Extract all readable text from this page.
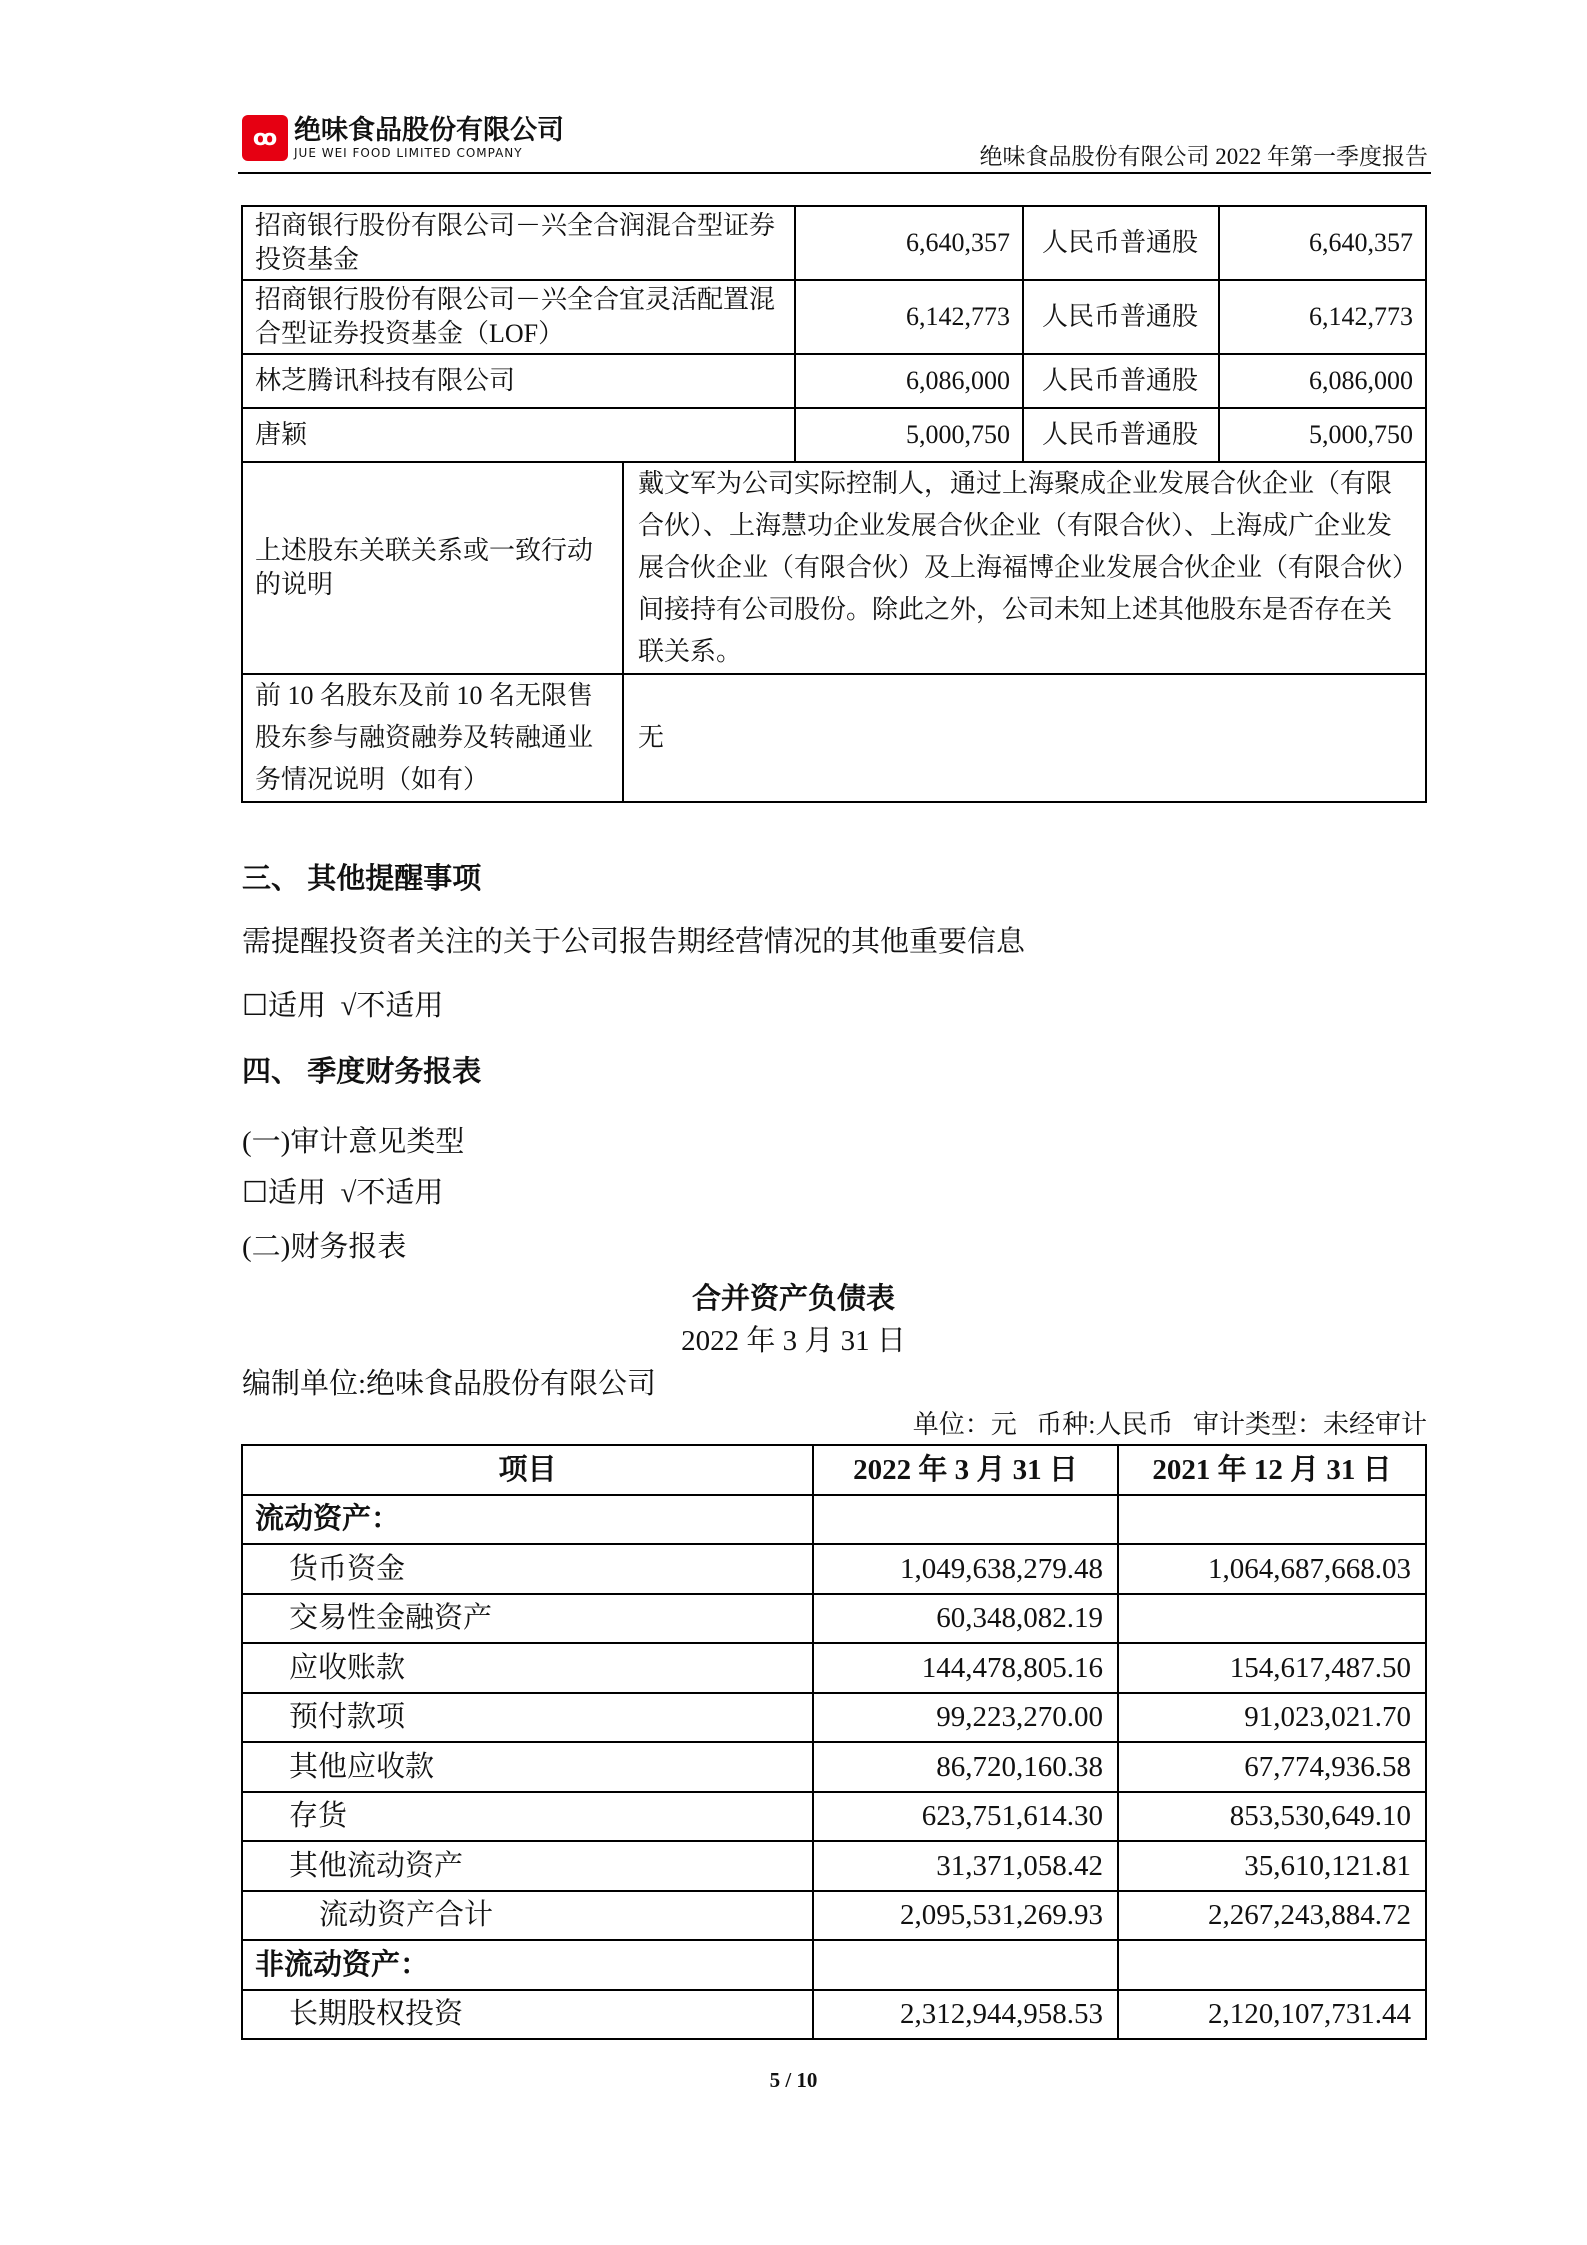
ꝏ 绝味食品股份有限公司
JUE WEI FOOD LIMITED COMPANY	绝味食品股份有限公司 2022 年第一季度报告
招商银行股份有限公司－兴全合润混合型证券投资基金		6,640,357	人民币普通股	6,640,357
招商银行股份有限公司－兴全合宜灵活配置混合型证券投资基金（LOF）		6,142,773	人民币普通股	6,142,773
林芝腾讯科技有限公司		6,086,000	人民币普通股	6,086,000
唐颖		5,000,750	人民币普通股	5,000,750
上述股东关联关系或一致行动的说明	戴文军为公司实际控制人，通过上海聚成企业发展合伙企业（有限合伙）、上海慧功企业发展合伙企业（有限合伙）、上海成广企业发展合伙企业（有限合伙）及上海福博企业发展合伙企业（有限合伙）间接持有公司股份。除此之外，公司未知上述其他股东是否存在关联关系。			
前 10 名股东及前 10 名无限售股东参与融资融券及转融通业务情况说明（如有）	无			
三、 其他提醒事项
需提醒投资者关注的关于公司报告期经营情况的其他重要信息
☐适用  √不适用
四、 季度财务报表
(一)审计意见类型
☐适用  √不适用
(二)财务报表
合并资产负债表
2022 年 3 月 31 日
编制单位:绝味食品股份有限公司
单位：元   币种:人民币   审计类型：未经审计
项目	2022 年 3 月 31 日	2021 年 12 月 31 日
流动资产：		
货币资金	1,049,638,279.48	1,064,687,668.03
交易性金融资产	60,348,082.19	
应收账款	144,478,805.16	154,617,487.50
预付款项	99,223,270.00	91,023,021.70
其他应收款	86,720,160.38	67,774,936.58
存货	623,751,614.30	853,530,649.10
其他流动资产	31,371,058.42	35,610,121.81
流动资产合计	2,095,531,269.93	2,267,243,884.72
非流动资产：		
长期股权投资	2,312,944,958.53	2,120,107,731.44
5 / 10
